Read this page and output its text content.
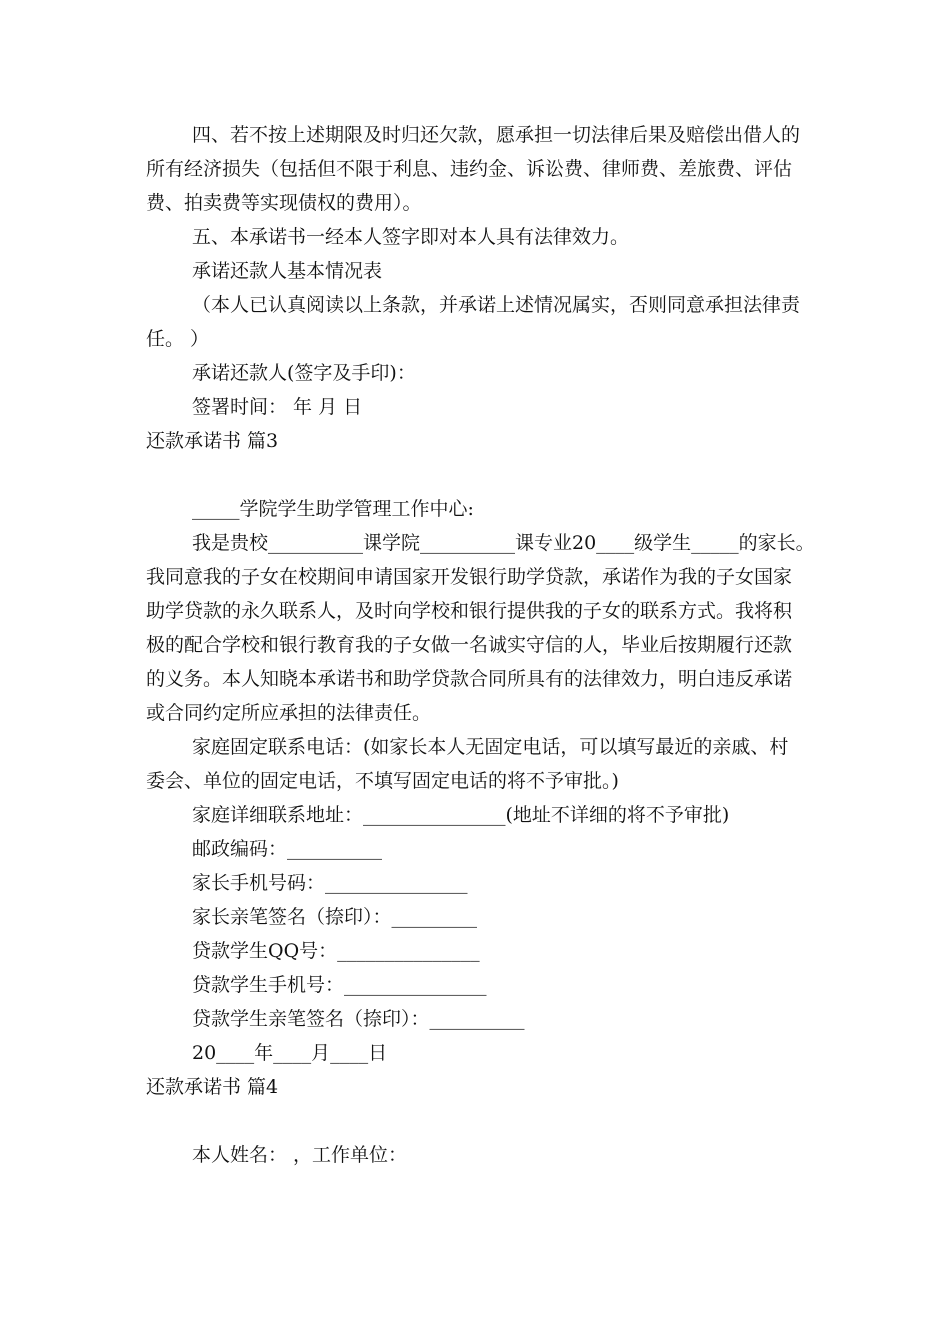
四、若不按上述期限及时归还欠款，愿承担一切法律后果及赔偿出借人的

所有经济损失（包括但不限于利息、违约金、诉讼费、律师费、差旅费、评估

费、拍卖费等实现债权的费用）。

五、本承诺书一经本人签字即对本人具有法律效力。

承诺还款人基本情况表

（本人已认真阅读以上条款，并承诺上述情况属实，否则同意承担法律责

任。 ）

承诺还款人(签字及手印)：

签署时间： 年 月 日

还款承诺书 篇3

_____学院学生助学管理工作中心:

我是贵校__________课学院__________课专业20____级学生_____的家长。

我同意我的子女在校期间申请国家开发银行助学贷款，承诺作为我的子女国家

助学贷款的永久联系人，及时向学校和银行提供我的子女的联系方式。我将积

极的配合学校和银行教育我的子女做一名诚实守信的人，毕业后按期履行还款

的义务。本人知晓本承诺书和助学贷款合同所具有的法律效力，明白违反承诺

或合同约定所应承担的法律责任。

家庭固定联系电话：(如家长本人无固定电话，可以填写最近的亲戚、村

委会、单位的固定电话，不填写固定电话的将不予审批。)

家庭详细联系地址：_______________(地址不详细的将不予审批)

邮政编码：__________

家长手机号码：_______________

家长亲笔签名（捺印）：_________

贷款学生QQ号：_______________

贷款学生手机号：_______________

贷款学生亲笔签名（捺印）：__________

20____年____月____日

还款承诺书 篇4

本人姓名： ，工作单位：
